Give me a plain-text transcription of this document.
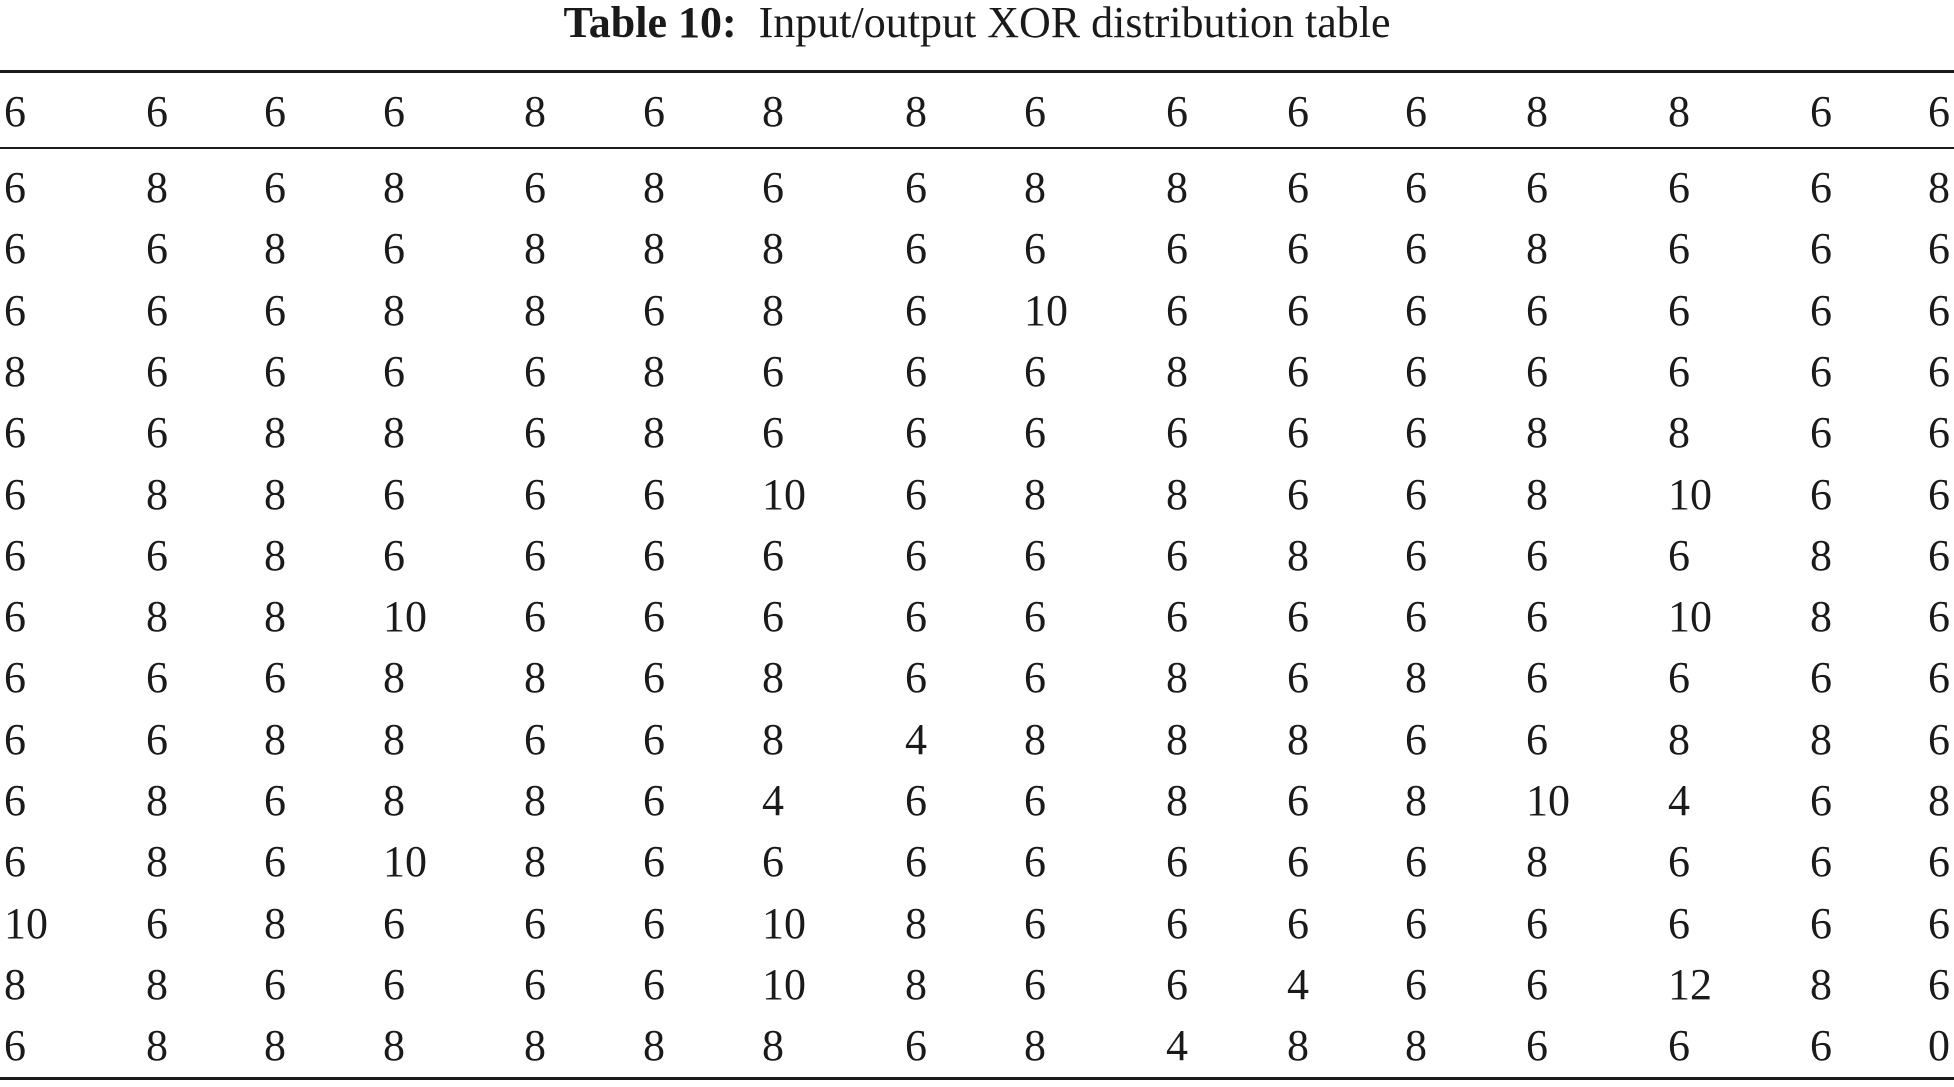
Table 10: Input/output XOR distribution table
6	6 6 6	8 6 8	8 6	6 6 6 8	8	6 6
6	8 6 8	6 8 6	6 8	8 6 6 6	6	6 8
6	6 8 6	8 8 8	6 6	6 6 6 8	6	6 6
6	6 6 8	8 6 8	6 10 6 6 6 6	6	6 6
8	6 6 6	6 8 6	6 6	8 6 6 6	6	6 6
6	6 8 8	6 8 6	6 6	6 6 6 8	8	6 6
6	8 8 6	6 6 10 6 8	8 6 6 8	10 6 6
6	6 8 6	6 6 6	6 6	6 8 6 6	6	8 6
6	8 8 10 6 6 6	6 6	6 6 6 6	10 8 6
6	6 6 8	8 6 8	6 6	8 6 8 6	6	6 6
6	6 8 8	6 6 8	4 8	8 8 6 6	8	8 6
6	8 6 8	8 6 4	6 6	8 6 8 10 4	6 8
6	8 6 10 8 6 6	6 6	6 6 6 8	6	6 6
10 6 8 6	6 6 10 8 6	6 6 6 6	6	6 6
8	8 6 6	6 6 10 8 6	6 4 6 6	12 8 6
6	8 8 8	8 8 8	6 8	4 8 8 6	6	6 0
